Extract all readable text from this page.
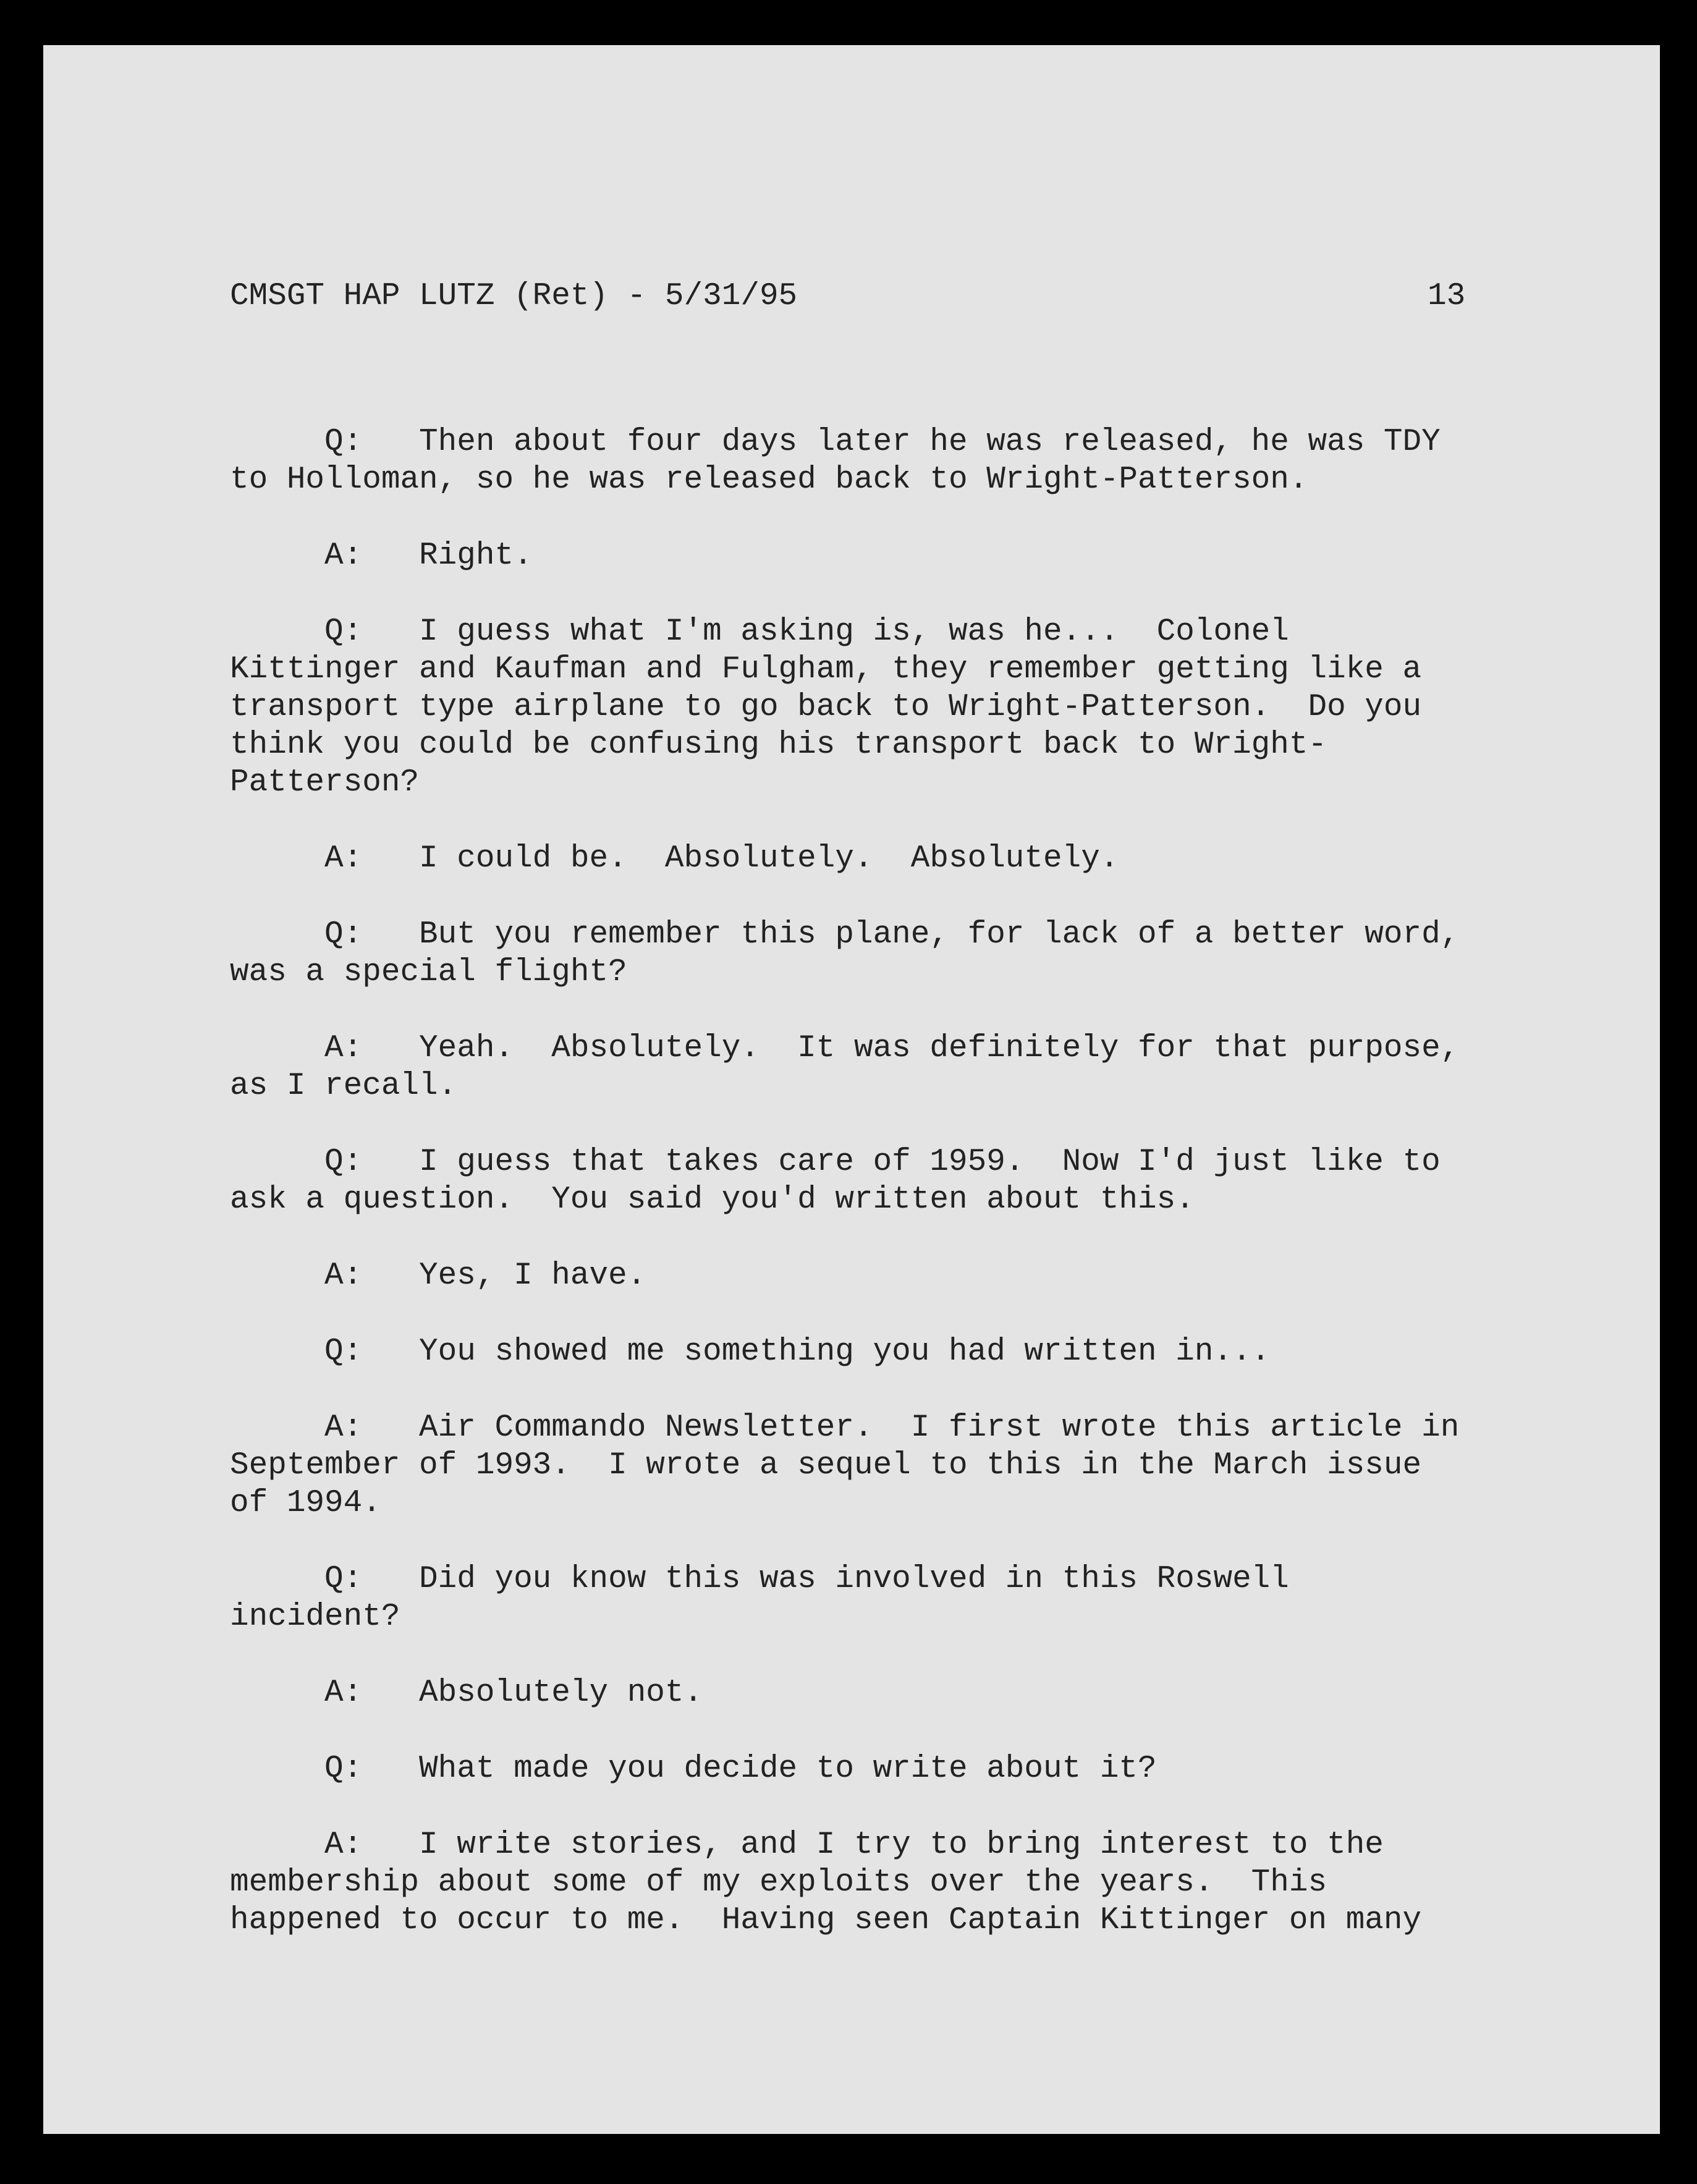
CMSGT HAP LUTZ (Ret) - 5/31/95	13
Q:   Then about four days later he was released, he was TDY
to Holloman, so he was released back to Wright-Patterson.
A:   Right.
Q:   I guess what I'm asking is, was he...  Colonel
Kittinger and Kaufman and Fulgham, they remember getting like a
transport type airplane to go back to Wright-Patterson.  Do you
think you could be confusing his transport back to Wright-
Patterson?
A:   I could be.  Absolutely.  Absolutely.
Q:   But you remember this plane, for lack of a better word,
was a special flight?
A:   Yeah.  Absolutely.  It was definitely for that purpose,
as I recall.
Q:   I guess that takes care of 1959.  Now I'd just like to
ask a question.  You said you'd written about this.
A:   Yes, I have.
Q:   You showed me something you had written in...
A:   Air Commando Newsletter.  I first wrote this article in
September of 1993.  I wrote a sequel to this in the March issue
of 1994.
Q:   Did you know this was involved in this Roswell
incident?
A:   Absolutely not.
Q:   What made you decide to write about it?
A:   I write stories, and I try to bring interest to the
membership about some of my exploits over the years.  This
happened to occur to me.  Having seen Captain Kittinger on many
